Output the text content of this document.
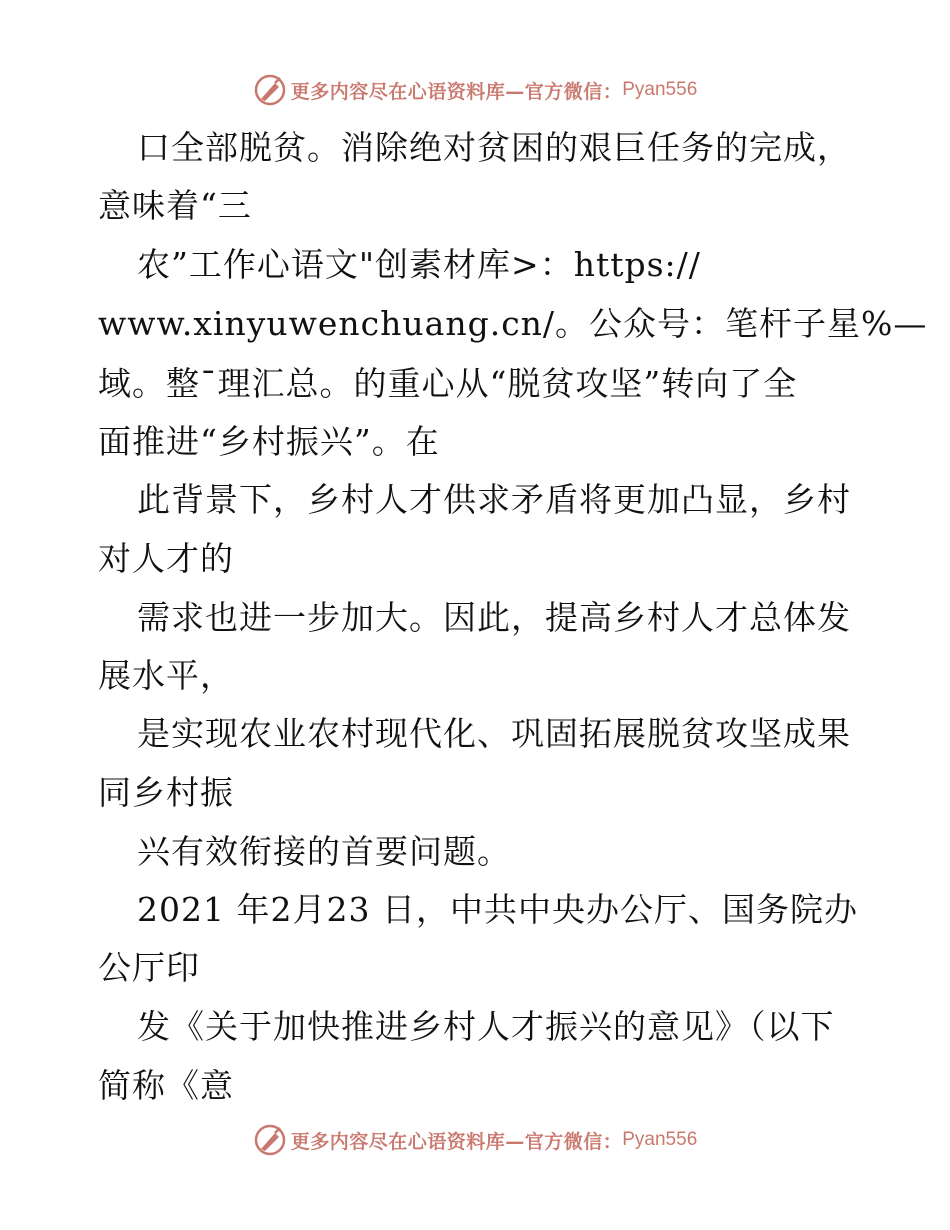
更多内容尽在心语资料库—官方微信： Pyan556
口全部脱贫。消除绝对贫困的艰巨任务的完成，
意味着“三
农”工作心语文"创素材库>：https://
www.xinyuwenchuang.cn/。公众号：笔杆子星%—
域。整¯理汇总。的重心从“脱贫攻坚”转向了全
面推进“乡村振兴”。在
此背景下，乡村人才供求矛盾将更加凸显，乡村
对人才的
需求也进一步加大。因此，提高乡村人才总体发
展水平，
是实现农业农村现代化、巩固拓展脱贫攻坚成果
同乡村振
兴有效衔接的首要问题。
2021 年2月23 日，中共中央办公厅、国务院办
公厅印
发《关于加快推进乡村人才振兴的意见》（以下
简称《意
更多内容尽在心语资料库—官方微信： Pyan556
